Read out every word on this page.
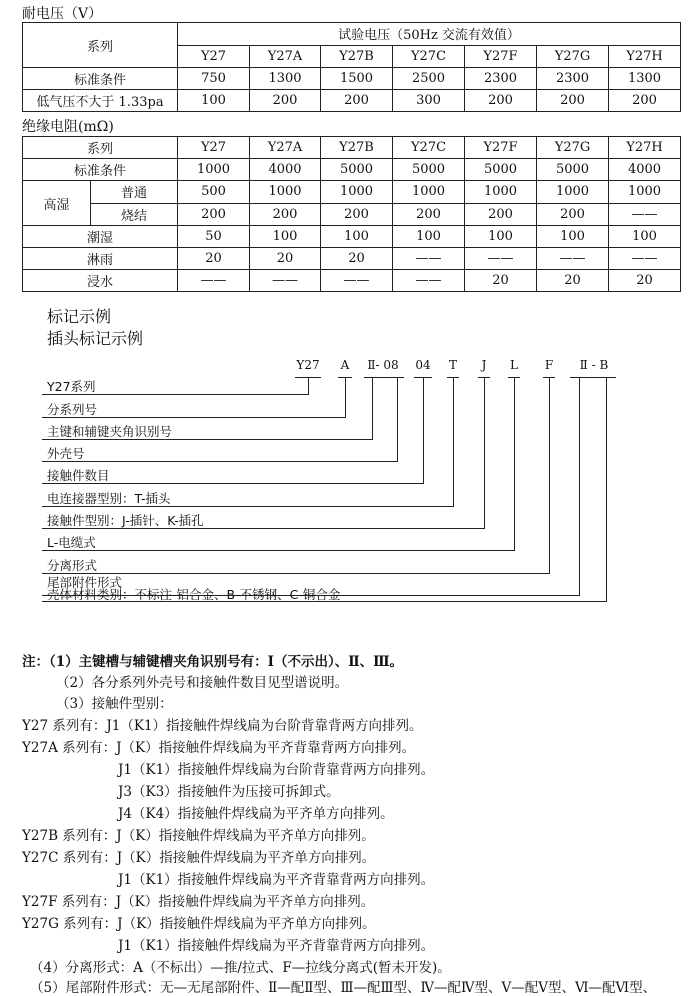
耐电压（V）
系列	试验电压（50Hz 交流有效值）						
	Y27	Y27A	Y27B	Y27C	Y27F	Y27G	Y27H
标准条件	750	1300	1500	2500	2300	2300	1300
低气压不大于 1.33pa	100	200	200	300	200	200	200
绝缘电阻(mΩ)
系列		Y27	Y27A	Y27B	Y27C	Y27F	Y27G	Y27H
标准条件		1000	4000	5000	5000	5000	5000	4000
高湿	普通	500	1000	1000	1000	1000	1000	1000
	烧结	200	200	200	200	200	200	——
潮湿		50	100	100	100	100	100	100
淋雨		20	20	20	——	——	——	——
浸水		——	——	——	——	20	20	20
标记示例
插头标记示例
Y27 A Ⅱ- 08 04 T J L F Ⅱ - B
Y27系列
分系列号
主键和辅键夹角识别号
外壳号
接触件数目
电连接器型别：T-插头
接触件型别：J-插针、K-插孔
L-电缆式
分离形式
尾部附件形式
壳体材料类别：不标注-铝合金、B-不锈钢、C-铜合金
注：（1）主键槽与辅键槽夹角识别号有：Ⅰ（不示出）、Ⅱ、Ⅲ。
（2）各分系列外壳号和接触件数目见型谱说明。
（3）接触件型别：
Y27 系列有：J1（K1）指接触件焊线扁为台阶背靠背两方向排列。
Y27A 系列有：J（K）指接触件焊线扁为平齐背靠背两方向排列。
J1（K1）指接触件焊线扁为台阶背靠背两方向排列。
J3（K3）指接触件为压接可拆卸式。
J4（K4）指接触件焊线扁为平齐单方向排列。
Y27B 系列有：J（K）指接触件焊线扁为平齐单方向排列。
Y27C 系列有：J（K）指接触件焊线扁为平齐单方向排列。
J1（K1）指接触件焊线扁为平齐背靠背两方向排列。
Y27F 系列有：J（K）指接触件焊线扁为平齐单方向排列。
Y27G 系列有：J（K）指接触件焊线扁为平齐单方向排列。
J1（K1）指接触件焊线扁为平齐背靠背两方向排列。
（4）分离形式：A（不标出）—推/拉式、F—拉线分离式(暂未开发)。
（5）尾部附件形式：无—无尾部附件、Ⅱ—配Ⅱ型、Ⅲ—配Ⅲ型、Ⅳ—配Ⅳ型、Ⅴ—配Ⅴ型、Ⅵ—配Ⅵ型、
